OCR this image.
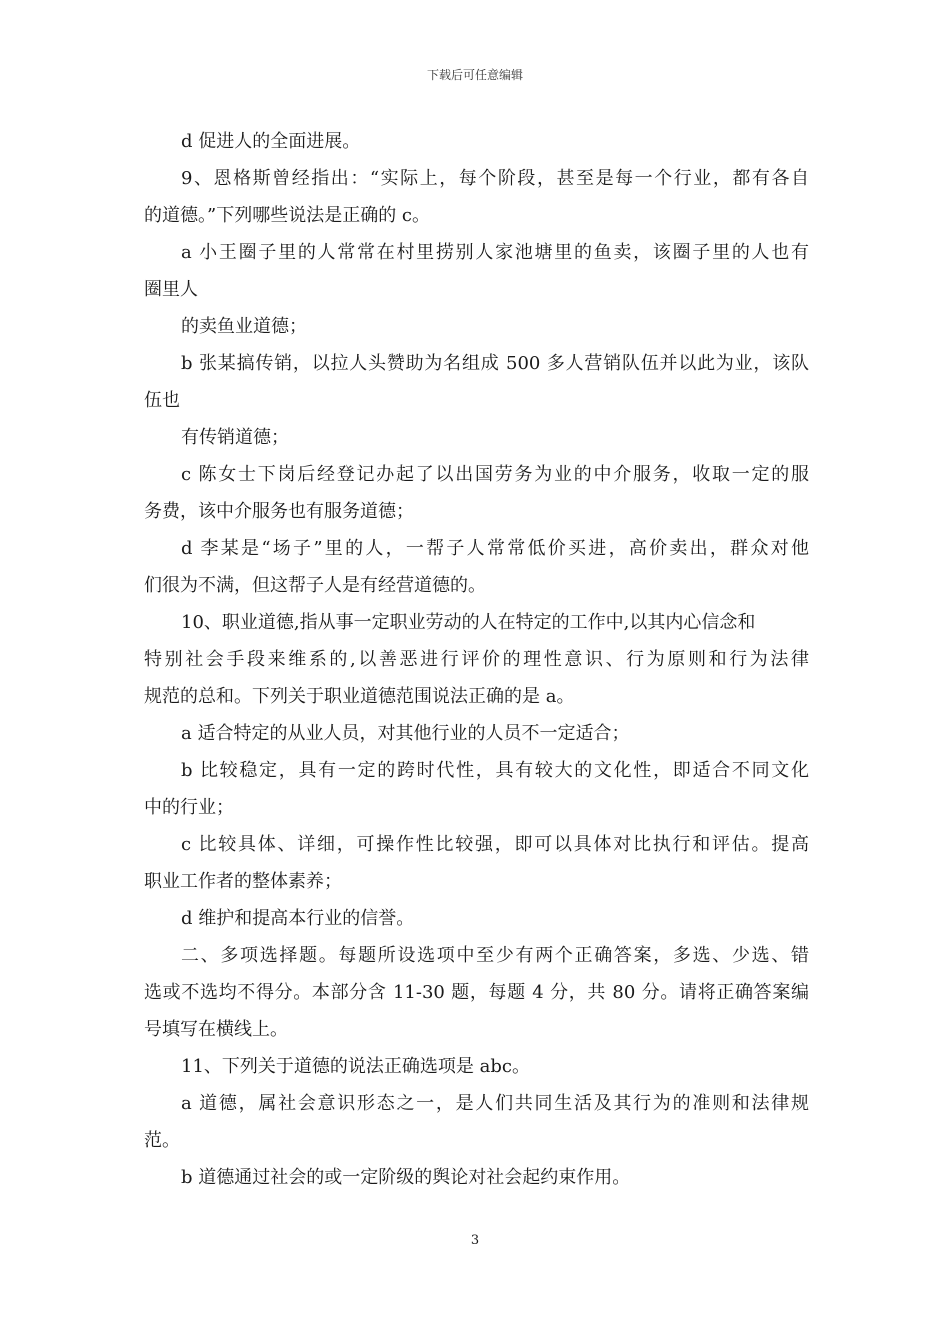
下载后可任意编辑
d 促进人的全面进展。
9、恩格斯曾经指出：“实际上，每个阶段，甚至是每一个行业，都有各自
的道德。”下列哪些说法是正确的 c。
a 小王圈子里的人常常在村里捞别人家池塘里的鱼卖，该圈子里的人也有
圈里人
的卖鱼业道德；
b 张某搞传销，以拉人头赞助为名组成 500 多人营销队伍并以此为业，该队
伍也
有传销道德；
c 陈女士下岗后经登记办起了以出国劳务为业的中介服务，收取一定的服
务费，该中介服务也有服务道德；
d 李某是“场子”里的人，一帮子人常常低价买进，高价卖出，群众对他
们很为不满，但这帮子人是有经营道德的。
10、职业道德,指从事一定职业劳动的人在特定的工作中,以其内心信念和
特别社会手段来维系的,以善恶进行评价的理性意识、行为原则和行为法律
规范的总和。下列关于职业道德范围说法正确的是 a。
a 适合特定的从业人员，对其他行业的人员不一定适合；
b 比较稳定，具有一定的跨时代性，具有较大的文化性，即适合不同文化
中的行业；
c 比较具体、详细，可操作性比较强，即可以具体对比执行和评估。提高
职业工作者的整体素养；
d 维护和提高本行业的信誉。
二、多项选择题。每题所设选项中至少有两个正确答案，多选、少选、错
选或不选均不得分。本部分含 11-30 题，每题 4 分，共 80 分。请将正确答案编
号填写在横线上。
11、下列关于道德的说法正确选项是 abc。
a 道德，属社会意识形态之一，是人们共同生活及其行为的准则和法律规
范。
b 道德通过社会的或一定阶级的舆论对社会起约束作用。
3
